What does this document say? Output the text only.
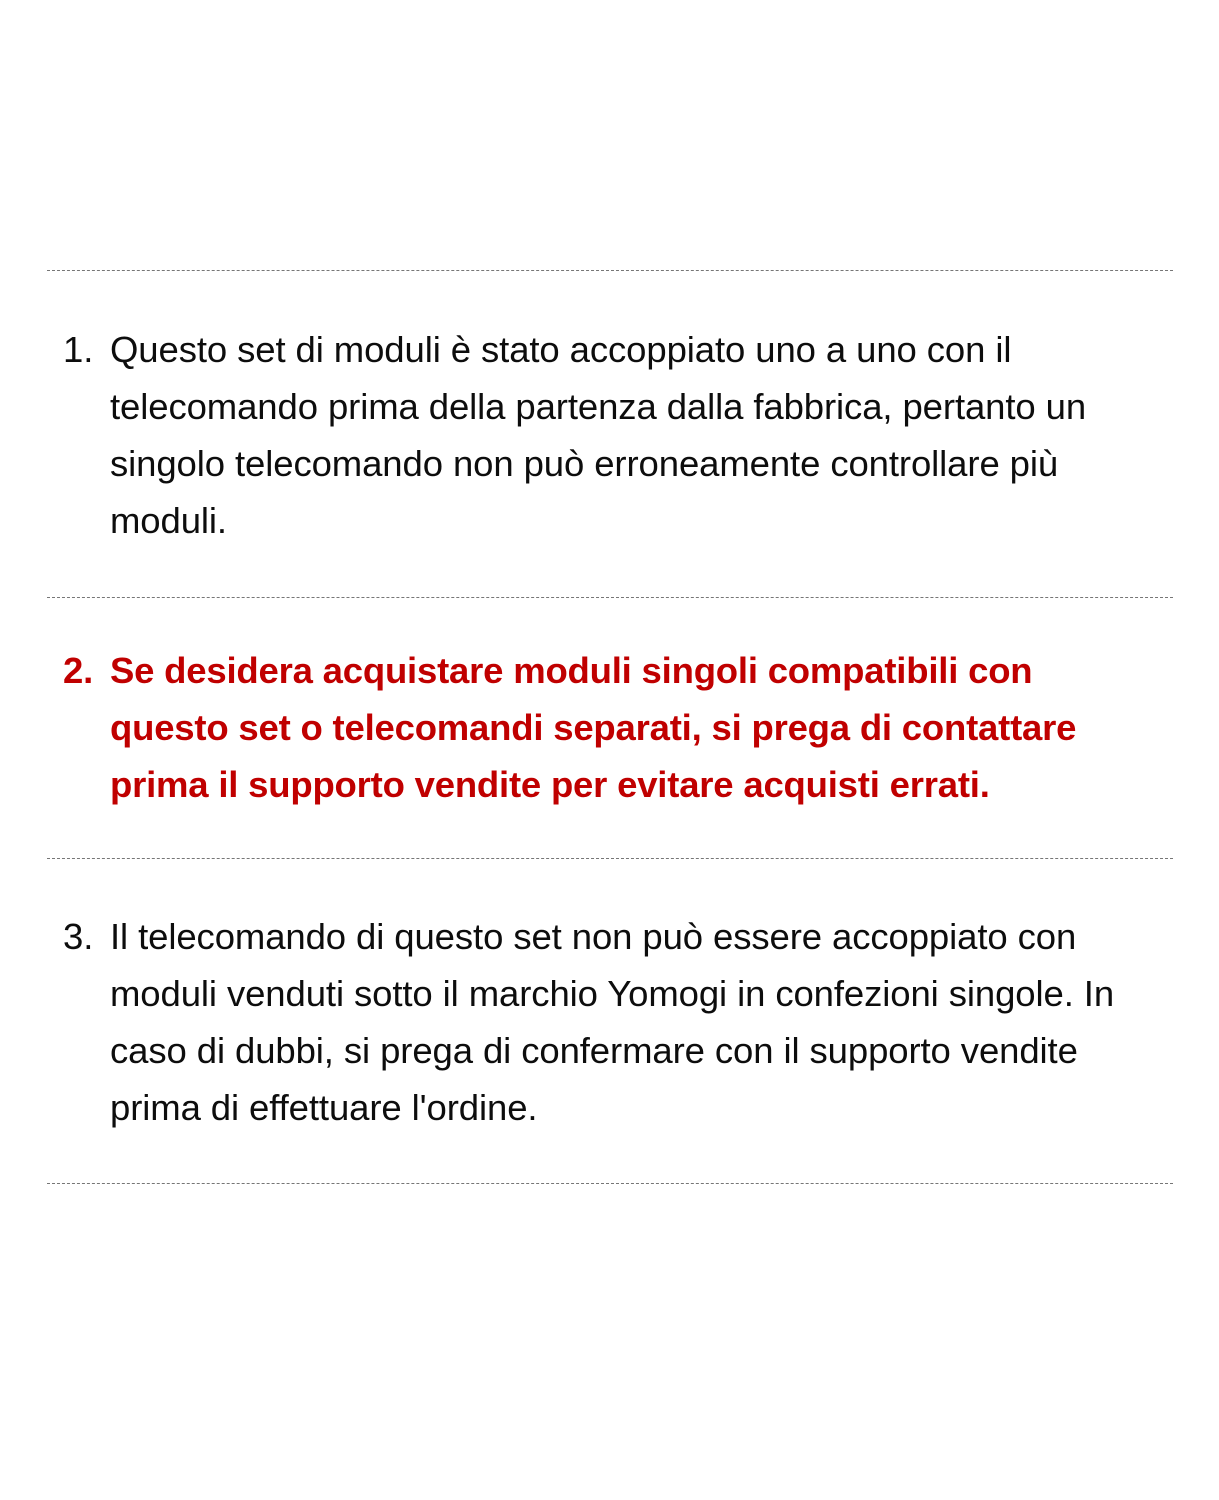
1. Questo set di moduli è stato accoppiato uno a uno con il telecomando prima della partenza dalla fabbrica, pertanto un singolo telecomando non può erroneamente controllare più moduli.
2. Se desidera acquistare moduli singoli compatibili con questo set o telecomandi separati, si prega di contattare prima il supporto vendite per evitare acquisti errati.
3. Il telecomando di questo set non può essere accoppiato con moduli venduti sotto il marchio Yomogi in confezioni singole. In caso di dubbi, si prega di confermare con il supporto vendite prima di effettuare l'ordine.
